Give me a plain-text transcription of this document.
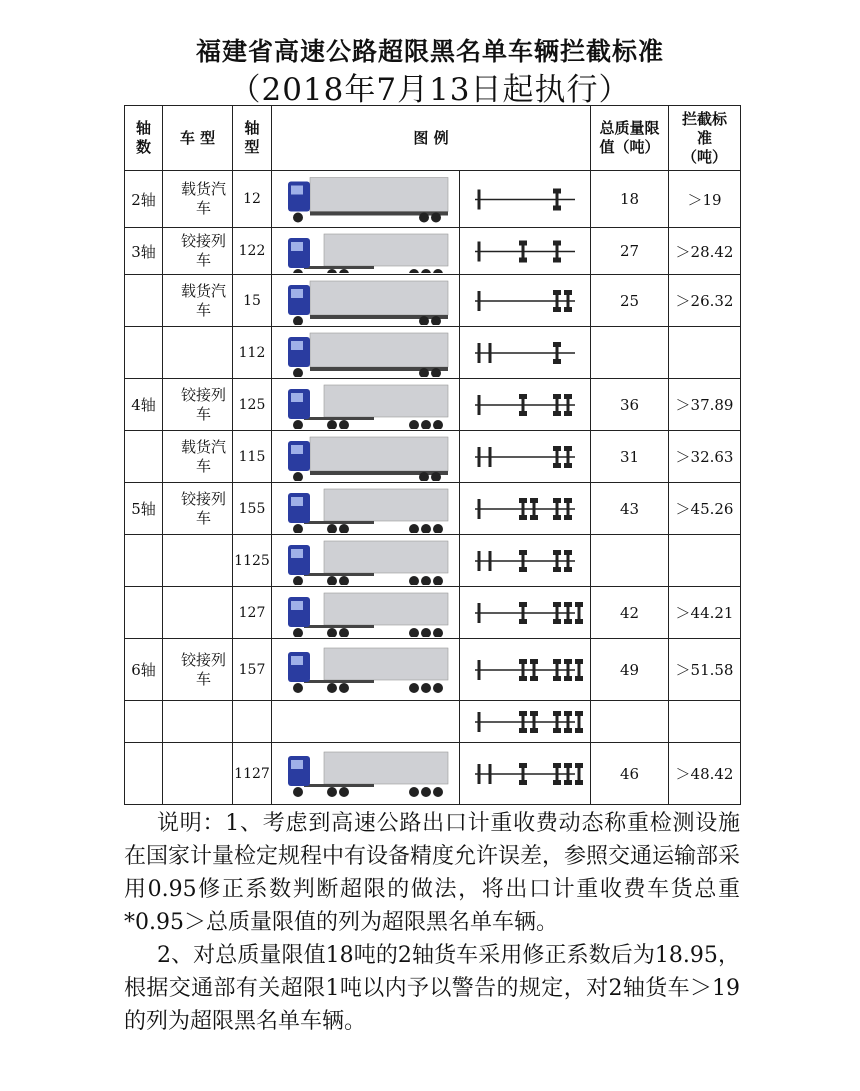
福建省高速公路超限黑名单车辆拦截标准
（2018年7月13日起执行）
轴数	车 型	轴型	图 例		总质量限值（吨）	拦截标准（吨）
2轴	载货汽车	12			18	＞19
3轴	铰接列车	122			27	＞28.42
	载货汽车	15			25	＞26.32
		112	

4轴	铰接列车	125			36	＞37.89
	载货汽车	115			31	＞32.63
5轴	铰接列车	155			43	＞45.26
		1125	

		127			42	＞44.21
6轴	铰接列车	157			49	＞51.58

		1127			46	＞48.42

说明：1、考虑到高速公路出口计重收费动态称重检测设施在国家计量检定规程中有设备精度允许误差，参照交通运输部采用0.95修正系数判断超限的做法，将出口计重收费车货总重*0.95＞总质量限值的列为超限黑名单车辆。

2、对总质量限值18吨的2轴货车采用修正系数后为18.95，根据交通部有关超限1吨以内予以警告的规定，对2轴货车＞19的列为超限黑名单车辆。
